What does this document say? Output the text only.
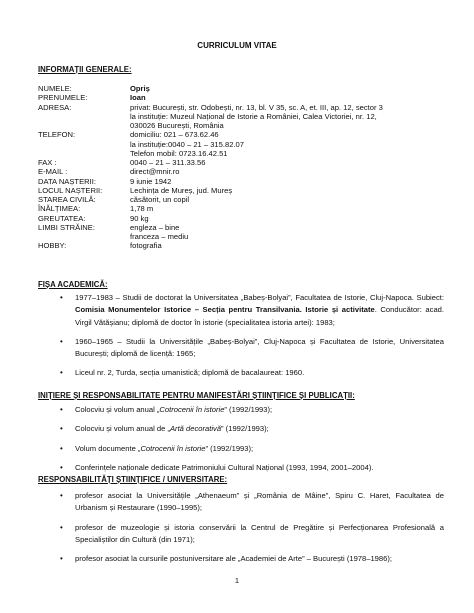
CURRICULUM VITAE
INFORMAȚII GENERALE:
NUMELE:	Opriș
PRENUMELE:	Ioan
ADRESA:	privat: București, str. Odobești, nr. 13, bl. V 35, sc. A, et. III, ap. 12, sector 3
la instituție: Muzeul Național de Istorie a României, Calea Victoriei, nr. 12,
030026 București, România
TELEFON:	domiciliu: 021 – 673.62.46
la instituție:0040 – 21 – 315.82.07
Telefon mobil: 0723.16.42.51
FAX :	0040 – 21 – 311.33.56
E-MAIL :	direct@mnir.ro
DATA NAȘTERII:	9 iunie 1942
LOCUL NAȘTERII:	Lechința de Mureș, jud. Mureș
STAREA CIVILĂ:	căsătorit, un copil
ÎNĂLȚIMEA:	1,78 m
GREUTATEA:	90 kg
LIMBI STRĂINE:	engleza – bine
franceza – mediu
HOBBY:	fotografia
FIȘA ACADEMICĂ:
• 1977–1983 – Studii de doctorat la Universitatea „Babeș-Bolyai”, Facultatea de Istorie, Cluj-Napoca. Subiect: Comisia Monumentelor Istorice – Secția pentru Transilvania. Istorie și activitate. Conducător: acad. Virgil Vătășianu; diplomă de doctor în istorie (specialitatea istoria artei): 1983;
• 1960–1965 – Studii la Universitățile „Babeș-Bolyai”, Cluj-Napoca și Facultatea de Istorie, Universitatea București; diplomă de licență: 1965;
• Liceul nr. 2, Turda, secția umanistică; diplomă de bacalaureat: 1960.
INIȚIERE ȘI RESPONSABILITATE PENTRU MANIFESTĂRI ȘTIINȚIFICE ȘI PUBLICAȚII:
• Colocviu și volum anual „Cotrocenii în istorie” (1992/1993);
• Colocviu și volum anual de „Artă decorativă” (1992/1993);
• Volum documente „Cotrocenii în istorie” (1992/1993);
• Conferințele naționale dedicate Patrimoniului Cultural Național (1993, 1994, 2001–2004).
RESPONSABILITĂȚI ȘTIINȚIFICE / UNIVERSITARE:
• profesor asociat la Universitățile „Athenaeum” și „România de Mâine”, Spiru C. Haret, Facultatea de Urbanism și Restaurare (1990–1995);
• profesor de muzeologie și istoria conservării la Centrul de Pregătire și Perfecționarea Profesională a Specialiștilor din Cultură (din 1971);
• profesor asociat la cursurile postuniversitare ale „Academiei de Arte” – București (1978–1986);
1
